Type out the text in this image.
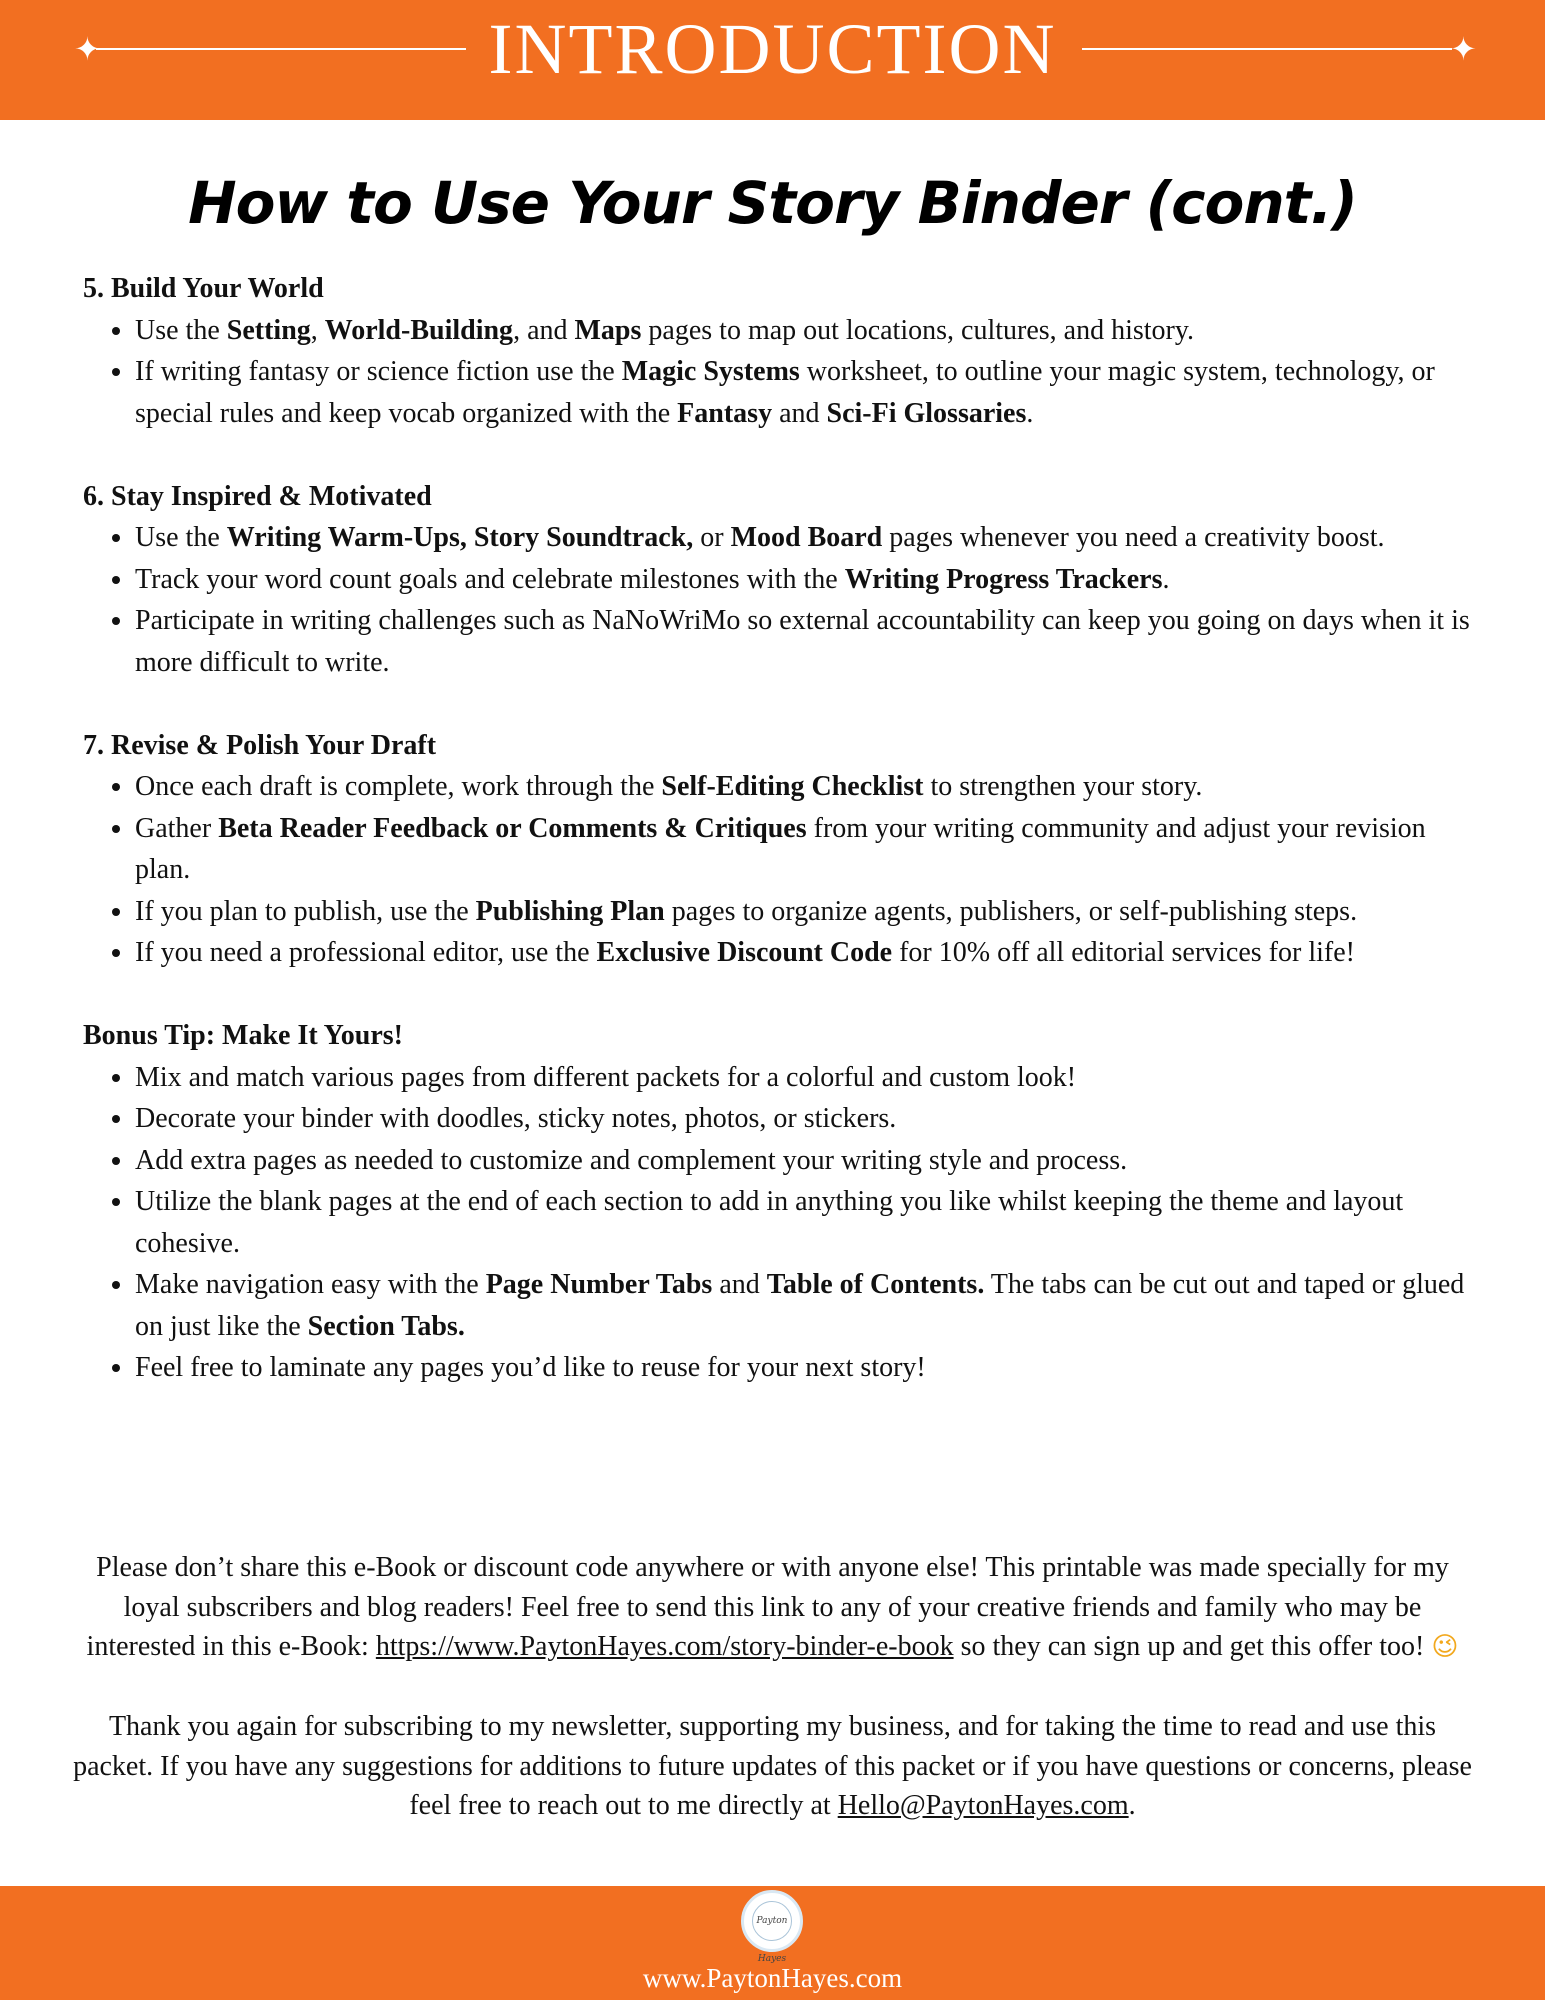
✦	✦
INTRODUCTION
How to Use Your Story Binder (cont.)

5. Build Your World

• Use the Setting, World-Building, and Maps pages to map out locations, cultures, and history.
• If writing fantasy or science fiction use the Magic Systems worksheet, to outline your magic system, technology, or special rules and keep vocab organized with the Fantasy and Sci-Fi Glossaries.

6. Stay Inspired & Motivated

• Use the Writing Warm-Ups, Story Soundtrack, or Mood Board pages whenever you need a creativity boost.
• Track your word count goals and celebrate milestones with the Writing Progress Trackers.
• Participate in writing challenges such as NaNoWriMo so external accountability can keep you going on days when it is more difficult to write.

7. Revise & Polish Your Draft

• Once each draft is complete, work through the Self-Editing Checklist to strengthen your story.
• Gather Beta Reader Feedback or Comments & Critiques from your writing community and adjust your revision plan.
• If you plan to publish, use the Publishing Plan pages to organize agents, publishers, or self-publishing steps.
• If you need a professional editor, use the Exclusive Discount Code for 10% off all editorial services for life!

Bonus Tip: Make It Yours!

• Mix and match various pages from different packets for a colorful and custom look!
• Decorate your binder with doodles, sticky notes, photos, or stickers.
• Add extra pages as needed to customize and complement your writing style and process.
• Utilize the blank pages at the end of each section to add in anything you like whilst keeping the theme and layout cohesive.
• Make navigation easy with the Page Number Tabs and Table of Contents. The tabs can be cut out and taped or glued on just like the Section Tabs.
• Feel free to laminate any pages you’d like to reuse for your next story!

Please don’t share this e-Book or discount code anywhere or with anyone else! This printable was made specially for my loyal subscribers and blog readers! Feel free to send this link to any of your creative friends and family who may be interested in this e-Book: https://www.PaytonHayes.com/story-binder-e-book so they can sign up and get this offer too! 😉

Thank you again for subscribing to my newsletter, supporting my business, and for taking the time to read and use this packet. If you have any suggestions for additions to future updates of this packet or if you have questions or concerns, please feel free to reach out to me directly at Hello@PaytonHayes.com.

Payton Hayes
www.PaytonHayes.com
